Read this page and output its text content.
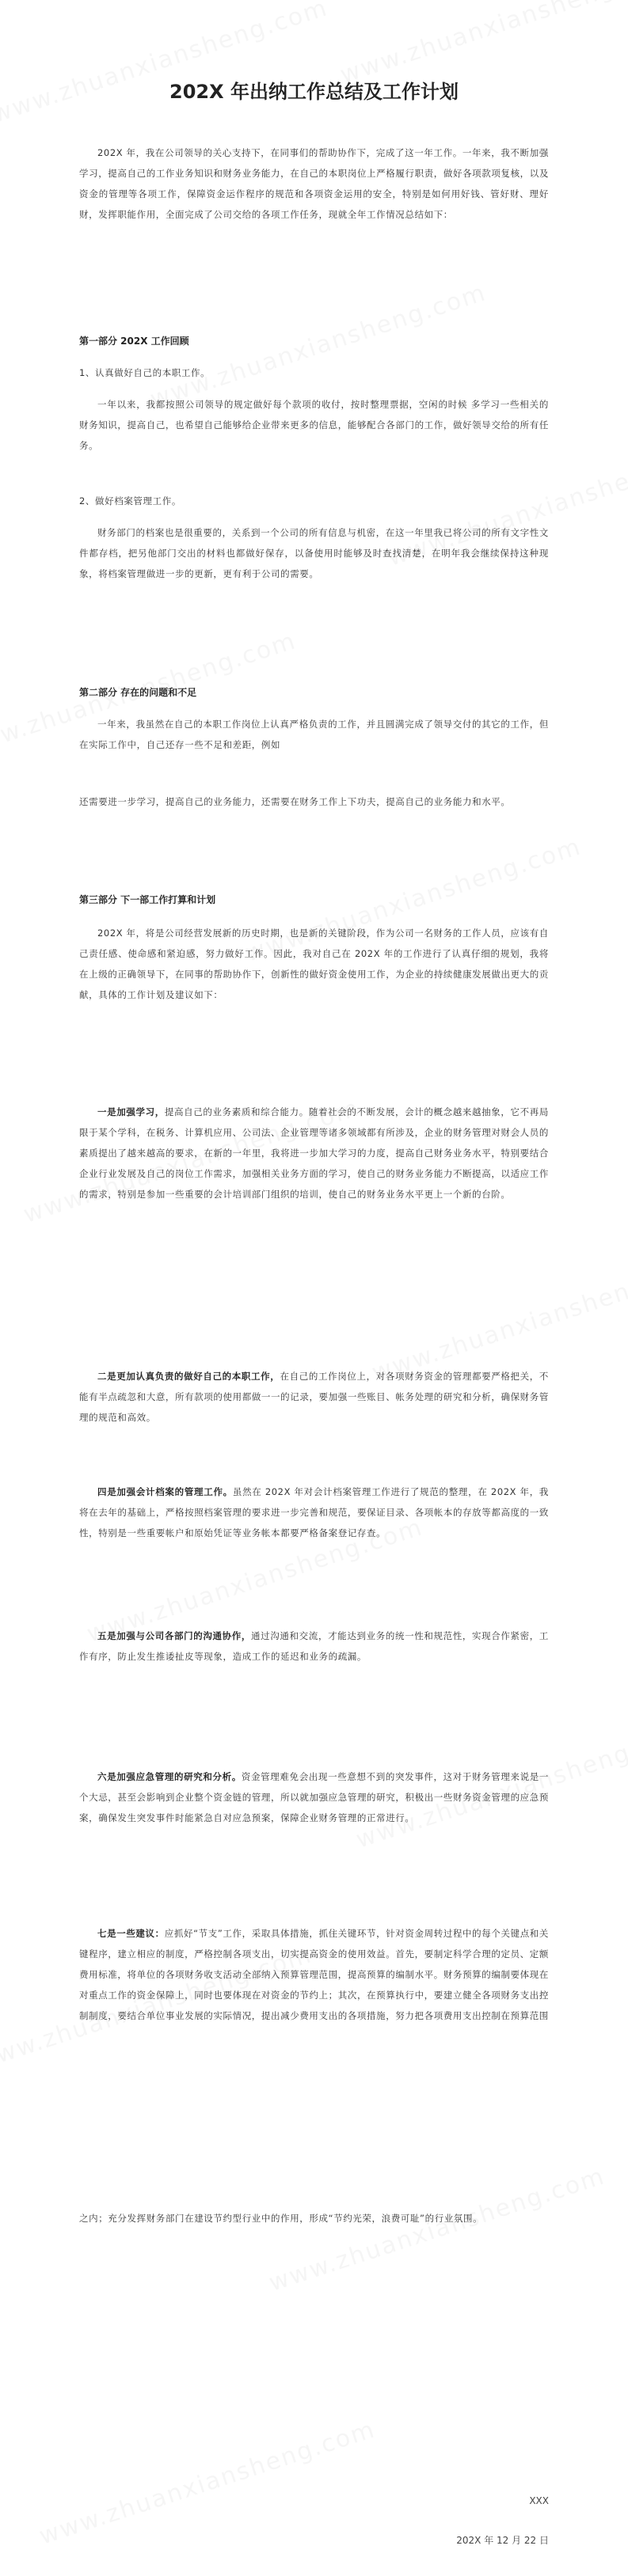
202X 年出纳工作总结及工作计划

202X 年，我在公司领导的关心支持下，在同事们的帮助协作下，完成了这一年工作。一年来，我不断加强学习，提高自己的工作业务知识和财务业务能力，在自己的本职岗位上严格履行职责，做好各项款项复核，以及资金的管理等各项工作，保障资金运作程序的规范和各项资金运用的安全，特别是如何用好钱、管好财、理好财，发挥职能作用，全面完成了公司交给的各项工作任务，现就全年工作情况总结如下：

第一部分 202X 工作回顾

1、认真做好自己的本职工作。

一年以来，我都按照公司领导的规定做好每个款项的收付，按时整理票据，空闲的时候 多学习一些相关的财务知识，提高自己，也希望自己能够给企业带来更多的信息，能够配合各部门的工作，做好领导交给的所有任务。

2、做好档案管理工作。

财务部门的档案也是很重要的，关系到一个公司的所有信息与机密，在这一年里我已将公司的所有文字性文件都存档，把另他部门交出的材料也都做好保存，以备使用时能够及时查找清楚，在明年我会继续保持这种现象，将档案管理做进一步的更新，更有利于公司的需要。

第二部分 存在的问题和不足

一年来，我虽然在自己的本职工作岗位上认真严格负责的工作，并且圆满完成了领导交付的其它的工作，但在实际工作中，自己还存一些不足和差距，例如

还需要进一步学习，提高自己的业务能力，还需要在财务工作上下功夫，提高自己的业务能力和水平。

第三部分 下一部工作打算和计划

202X 年，将是公司经营发展新的历史时期，也是新的关键阶段，作为公司一名财务的工作人员，应该有自己责任感、使命感和紧迫感，努力做好工作。因此，我对自己在 202X 年的工作进行了认真仔细的规划，我将在上级的正确领导下，在同事的帮助协作下，创新性的做好资金使用工作，为企业的持续健康发展做出更大的贡献，具体的工作计划及建议如下：

一是加强学习，提高自己的业务素质和综合能力。随着社会的不断发展，会计的概念越来越抽象，它不再局限于某个学科，在税务、计算机应用、公司法、企业管理等诸多领域都有所涉及，企业的财务管理对财会人员的素质提出了越来越高的要求，在新的一年里，我将进一步加大学习的力度，提高自己财务业务水平，特别要结合企业行业发展及自己的岗位工作需求，加强相关业务方面的学习，使自己的财务业务能力不断提高，以适应工作的需求，特别是参加一些重要的会计培训部门组织的培训，使自己的财务业务水平更上一个新的台阶。

二是更加认真负责的做好自己的本职工作，在自己的工作岗位上，对各项财务资金的管理都要严格把关，不能有半点疏忽和大意，所有款项的使用都做一一的记录，要加强一些账目、帐务处理的研究和分析，确保财务管理的规范和高效。

四是加强会计档案的管理工作。虽然在 202X 年对会计档案管理工作进行了规范的整理，在 202X 年，我将在去年的基础上，严格按照档案管理的要求进一步完善和规范，要保证目录、各项帐本的存放等都高度的一致性，特别是一些重要帐户和原始凭证等业务帐本都要严格备案登记存查。

五是加强与公司各部门的沟通协作，通过沟通和交流，才能达到业务的统一性和规范性，实现合作紧密，工作有序，防止发生推诿扯皮等现象，造成工作的延迟和业务的疏漏。

六是加强应急管理的研究和分析。资金管理难免会出现一些意想不到的突发事件，这对于财务管理来说是一个大忌，甚至会影响到企业整个资金链的管理，所以就加强应急管理的研究，积极出一些财务资金管理的应急预案，确保发生突发事件时能紧急自对应急预案，保障企业财务管理的正常进行。

七是一些建议：应抓好“节支”工作，采取具体措施，抓住关键环节，针对资金周转过程中的每个关键点和关键程序，建立相应的制度，严格控制各项支出，切实提高资金的使用效益。首先，要制定科学合理的定员、定额费用标准，将单位的各项财务收支活动全部纳入预算管理范围，提高预算的编制水平。财务预算的编制要体现在对重点工作的资金保障上，同时也要体现在对资金的节约上；其次，在预算执行中，要建立健全各项财务支出控制制度，要结合单位事业发展的实际情况，提出减少费用支出的各项措施，努力把各项费用支出控制在预算范围

之内；充分发挥财务部门在建设节约型行业中的作用，形成“节约光荣，浪费可耻”的行业氛围。

XXX
202X 年 12 月 22 日
